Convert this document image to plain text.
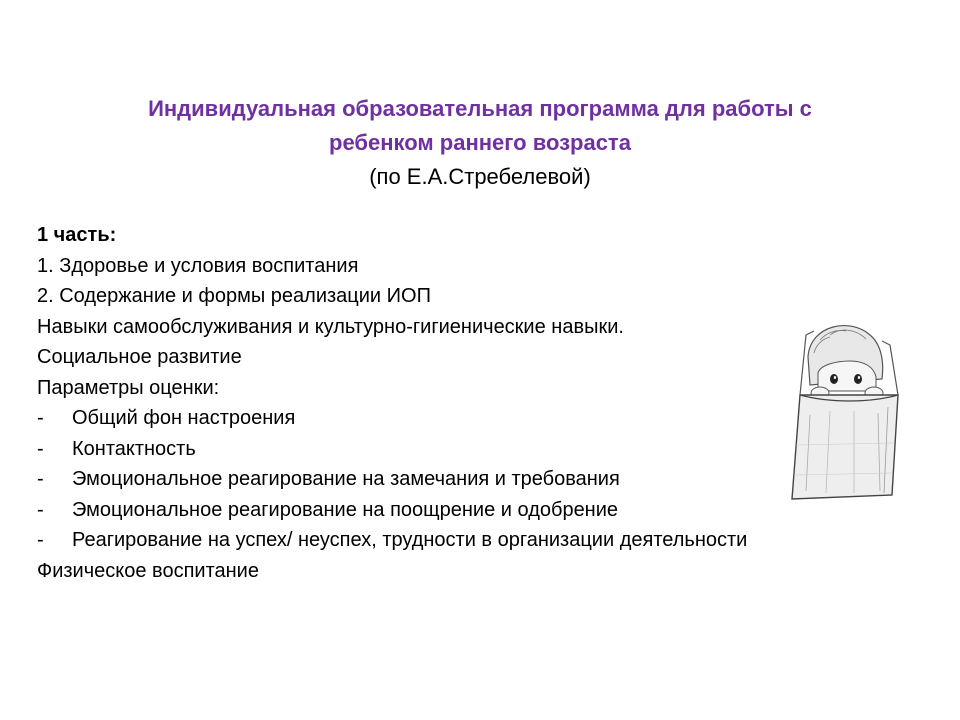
Индивидуальная образовательная программа для работы с
ребенком раннего возраста
(по Е.А.Стребелевой)
1 часть:
1. Здоровье и условия воспитания
2. Содержание и формы реализации ИОП
Навыки самообслуживания и культурно-гигиенические навыки.
Социальное развитие
Параметры оценки:
-	Общий фон настроения
-	Контактность
-	Эмоциональное реагирование на замечания и требования
-	Эмоциональное реагирование на поощрение и одобрение
-	Реагирование на успех/ неуспех, трудности в организации деятельности
Физическое воспитание
